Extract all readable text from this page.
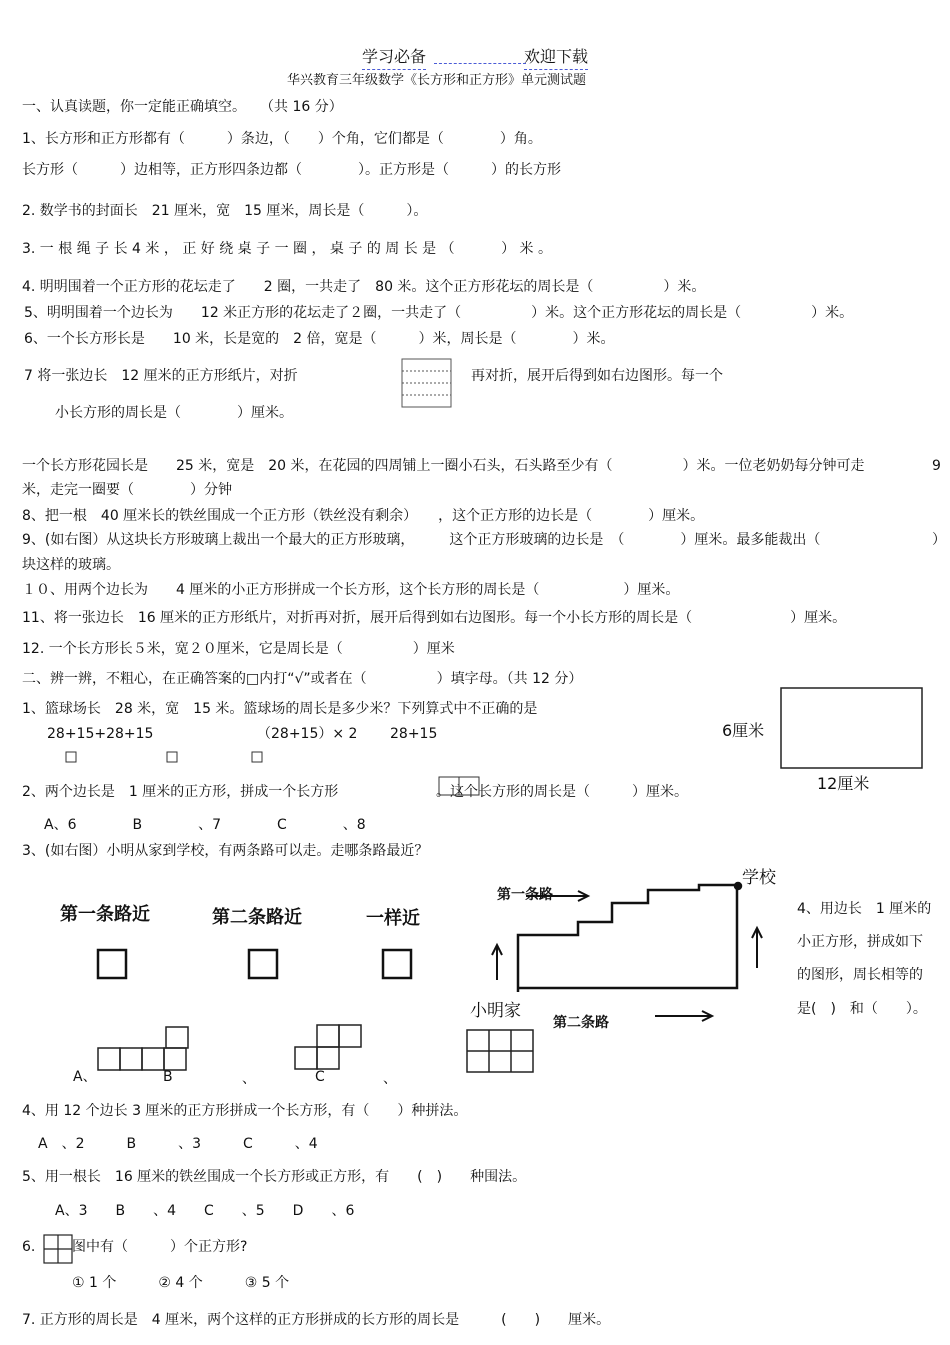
学习必备	欢迎下载
华兴教育三年级数学《长方形和正方形》单元测试题
一、认真读题，你一定能正确填空。　　（共 16 分）
1、长方形和正方形都有（　　　）条边，（　　）个角，它们都是（　　　　）角。
长方形（　　　）边相等，正方形四条边都（　　　　）。正方形是（　　　）的长方形
2. 数学书的封面长　21 厘米，宽　15 厘米，周长是（　　　）。
3. 一 根 绳 子 长 4 米 ， 正 好 绕 桌 子 一 圈 ， 桌 子 的 周 长 是 （　　　 ） 米 。
4. 明明围着一个正方形的花坛走了　　2 圈，一共走了　80 米。这个正方形花坛的周长是（　　　　　）米。
5、明明围着一个边长为　　12 米正方形的花坛走了２圈，一共走了（　　　　　）米。这个正方形花坛的周长是（　　　　　）米。
6、一个长方形长是　　10 米，长是宽的　2 倍，宽是（　　　）米，周长是（　　　　）米。
7 将一张边长　12 厘米的正方形纸片，对折	再对折，展开后得到如右边图形。每一个
小长方形的周长是（　　　　）厘米。
一个长方形花园长是　　25 米，宽是　20 米，在花园的四周铺上一圈小石头，石头路至少有（　　　　　）米。一位老奶奶每分钟可走	9
米，走完一圈要（　　　　）分钟
8、把一根　40 厘米长的铁丝围成一个正方形（铁丝没有剩余）　　，这个正方形的边长是（　　　　）厘米。
9、(如右图）从这块长方形玻璃上裁出一个最大的正方形玻璃，　　　这个正方形玻璃的边长是　（　　　　）厘米。最多能裁出（　　　　	）
块这样的玻璃。
１０、用两个边长为　　4 厘米的小正方形拼成一个长方形，这个长方形的周长是（　　　　　　）厘米。
11、将一张边长　16 厘米的正方形纸片，对折再对折，展开后得到如右边图形。每一个小长方形的周长是（　　　　　　　）厘米。
12. 一个长方形长５米，宽２０厘米，它是周长是（　　　　　）厘米
二、辨一辨，不粗心，在正确答案的□内打“√”或者在（　　　　　）填字母。（共 12 分）
1、篮球场长　28 米，宽　15 米。篮球场的周长是多少米？下列算式中不正确的是
28+15+28+15	（28+15）× 2 28+15	6厘米
12厘米
2、两个边长是　1 厘米的正方形，拼成一个长方形	。这个长方形的周长是（　　　）厘米。
A、6　　　　B　　　　、7　　　　C　　　　、8
3、(如右图）小明从家到学校，有两条路可以走。走哪条路最近？
第一条路近	第二条路近	一样近
第一条路
第二条路
学校
小明家
4、用边长　1 厘米的
小正方形，拼成如下
的图形，周长相等的
是(　)　和（　　）。
A、	B	、	C	、
4、用 12 个边长 3 厘米的正方形拼成一个长方形，有（　　）种拼法。
A　、2　　　B　　　、3　　　C　　　、4
5、用一根长　16 厘米的铁丝围成一个长方形或正方形，有　　(　)　　种围法。
A、3　　B　　、4　　C　　、5　　D　　、6
6.	图中有（　　　）个正方形?
① 1 个　　　② 4 个　　　③ 5 个
7. 正方形的周长是　4 厘米，两个这样的正方形拼成的长方形的周长是　　　(　　)　　厘米。
